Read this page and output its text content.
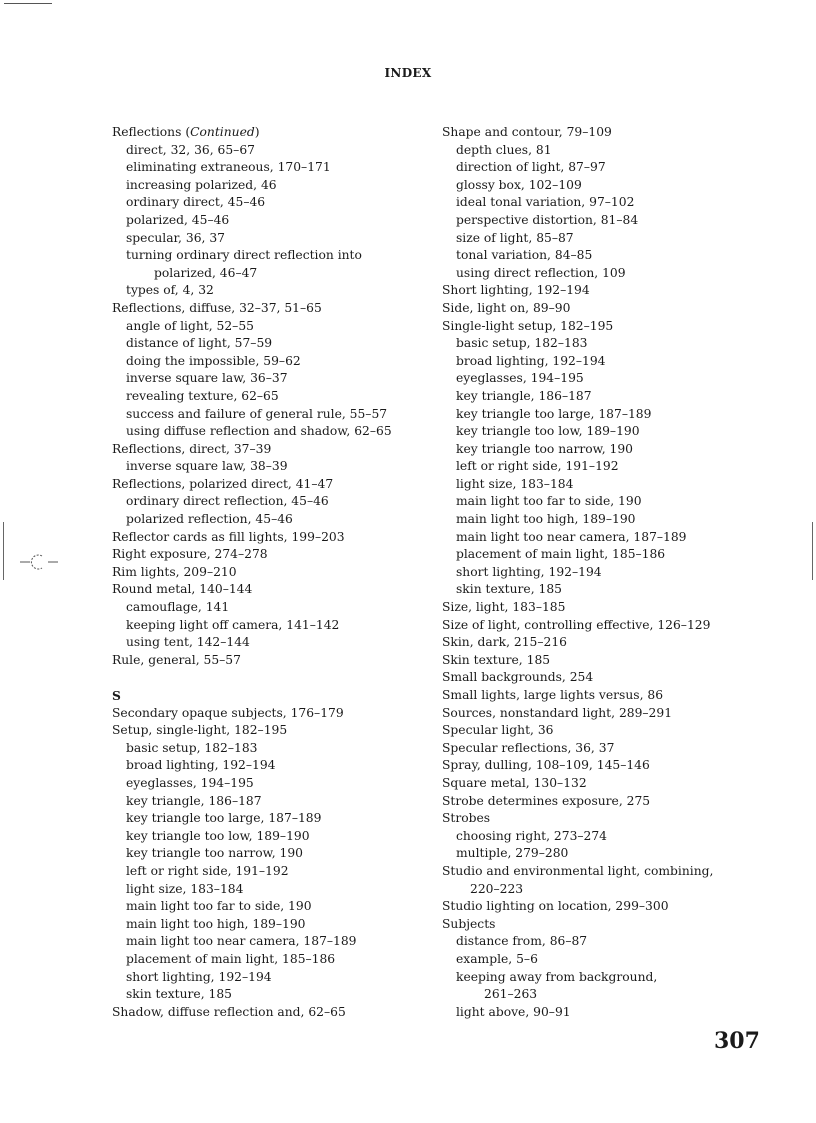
INDEX
Reflections (Continued)
direct, 32, 36, 65–67
eliminating extraneous, 170–171
increasing polarized, 46
ordinary direct, 45–46
polarized, 45–46
specular, 36, 37
turning ordinary direct reflection into
polarized, 46–47
types of, 4, 32
Reflections, diffuse, 32–37, 51–65
angle of light, 52–55
distance of light, 57–59
doing the impossible, 59–62
inverse square law, 36–37
revealing texture, 62–65
success and failure of general rule, 55–57
using diffuse reflection and shadow, 62–65
Reflections, direct, 37–39
inverse square law, 38–39
Reflections, polarized direct, 41–47
ordinary direct reflection, 45–46
polarized reflection, 45–46
Reflector cards as fill lights, 199–203
Right exposure, 274–278
Rim lights, 209–210
Round metal, 140–144
camouflage, 141
keeping light off camera, 141–142
using tent, 142–144
Rule, general, 55–57
S
Secondary opaque subjects, 176–179
Setup, single-light, 182–195
basic setup, 182–183
broad lighting, 192–194
eyeglasses, 194–195
key triangle, 186–187
key triangle too large, 187–189
key triangle too low, 189–190
key triangle too narrow, 190
left or right side, 191–192
light size, 183–184
main light too far to side, 190
main light too high, 189–190
main light too near camera, 187–189
placement of main light, 185–186
short lighting, 192–194
skin texture, 185
Shadow, diffuse reflection and, 62–65
Shape and contour, 79–109
depth clues, 81
direction of light, 87–97
glossy box, 102–109
ideal tonal variation, 97–102
perspective distortion, 81–84
size of light, 85–87
tonal variation, 84–85
using direct reflection, 109
Short lighting, 192–194
Side, light on, 89–90
Single-light setup, 182–195
basic setup, 182–183
broad lighting, 192–194
eyeglasses, 194–195
key triangle, 186–187
key triangle too large, 187–189
key triangle too low, 189–190
key triangle too narrow, 190
left or right side, 191–192
light size, 183–184
main light too far to side, 190
main light too high, 189–190
main light too near camera, 187–189
placement of main light, 185–186
short lighting, 192–194
skin texture, 185
Size, light, 183–185
Size of light, controlling effective, 126–129
Skin, dark, 215–216
Skin texture, 185
Small backgrounds, 254
Small lights, large lights versus, 86
Sources, nonstandard light, 289–291
Specular light, 36
Specular reflections, 36, 37
Spray, dulling, 108–109, 145–146
Square metal, 130–132
Strobe determines exposure, 275
Strobes
choosing right, 273–274
multiple, 279–280
Studio and environmental light, combining,
220–223
Studio lighting on location, 299–300
Subjects
distance from, 86–87
example, 5–6
keeping away from background,
261–263
light above, 90–91
307
